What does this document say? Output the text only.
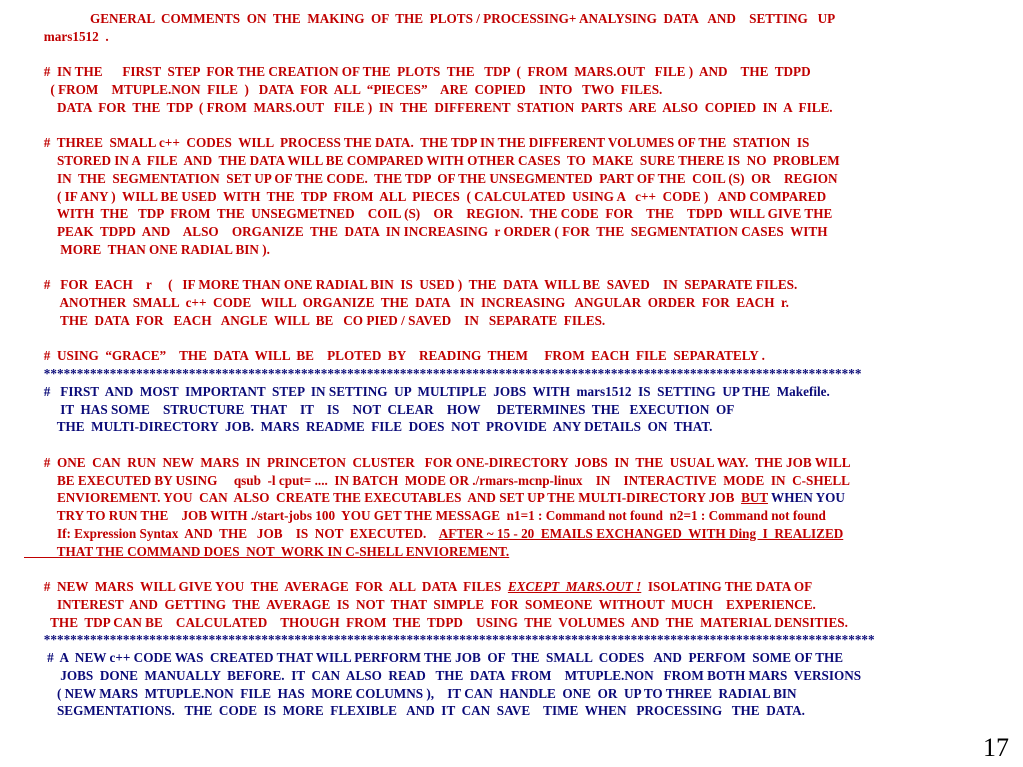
GENERAL  COMMENTS  ON  THE  MAKING  OF  THE  PLOTS / PROCESSING+ ANALYSING  DATA   AND    SETTING   UP
mars1512  .
#  IN THE      FIRST  STEP  FOR THE CREATION OF THE  PLOTS  THE   TDP  (  FROM  MARS.OUT   FILE )  AND    THE  TDPD
( FROM    MTUPLE.NON  FILE  )   DATA  FOR  ALL  “PIECES”    ARE  COPIED    INTO   TWO  FILES.
DATA  FOR  THE  TDP  ( FROM  MARS.OUT   FILE )  IN  THE  DIFFERENT  STATION  PARTS  ARE  ALSO  COPIED  IN  A  FILE.
#  THREE  SMALL c++  CODES  WILL  PROCESS THE DATA.  THE TDP IN THE DIFFERENT VOLUMES OF THE  STATION  IS
STORED IN A  FILE  AND  THE DATA WILL BE COMPARED WITH OTHER CASES  TO  MAKE  SURE THERE IS  NO  PROBLEM
IN  THE  SEGMENTATION  SET UP OF THE CODE.  THE TDP  OF THE UNSEGMENTED  PART OF THE  COIL (S)  OR    REGION
( IF ANY )  WILL BE USED  WITH  THE  TDP  FROM  ALL  PIECES  ( CALCULATED  USING A   c++  CODE )   AND COMPARED
WITH  THE   TDP  FROM  THE  UNSEGMETNED    COIL (S)    OR    REGION.  THE CODE  FOR    THE    TDPD  WILL GIVE THE
PEAK  TDPD  AND    ALSO    ORGANIZE  THE  DATA  IN INCREASING  r ORDER ( FOR  THE  SEGMENTATION CASES  WITH
MORE  THAN ONE RADIAL BIN ).
#   FOR  EACH    r     (   IF MORE THAN ONE RADIAL BIN  IS  USED )  THE  DATA  WILL BE  SAVED    IN  SEPARATE FILES.
ANOTHER  SMALL  c++  CODE   WILL  ORGANIZE  THE  DATA   IN  INCREASING   ANGULAR  ORDER  FOR  EACH  r.
THE  DATA  FOR   EACH   ANGLE  WILL  BE   CO PIED / SAVED    IN   SEPARATE  FILES.
#  USING  “GRACE”    THE  DATA  WILL  BE    PLOTED  BY    READING  THEM     FROM  EACH  FILE  SEPARATELY .
****************************************************************************************************************************
#   FIRST  AND  MOST  IMPORTANT  STEP  IN SETTING  UP  MULTIPLE  JOBS  WITH  mars1512  IS  SETTING  UP THE  Makefile.
IT  HAS SOME    STRUCTURE  THAT    IT    IS    NOT  CLEAR    HOW     DETERMINES  THE   EXECUTION  OF
THE  MULTI-DIRECTORY  JOB.  MARS  README  FILE  DOES  NOT  PROVIDE  ANY DETAILS  ON  THAT.
#  ONE  CAN  RUN  NEW  MARS  IN  PRINCETON  CLUSTER   FOR ONE-DIRECTORY  JOBS  IN  THE  USUAL WAY.  THE JOB WILL
BE EXECUTED BY USING     qsub  -l cput= ....  IN BATCH  MODE OR ./rmars-mcnp-linux    IN    INTERACTIVE  MODE  IN  C-SHELL
ENVIOREMENT. YOU  CAN  ALSO  CREATE THE EXECUTABLES  AND SET UP THE MULTI-DIRECTORY JOB  BUT WHEN YOU
TRY TO RUN THE    JOB WITH ./start-jobs 100  YOU GET THE MESSAGE  n1=1 : Command not found  n2=1 : Command not found
If: Expression Syntax  AND  THE   JOB    IS  NOT  EXECUTED.    AFTER ~ 15 - 20  EMAILS EXCHANGED  WITH Ding  I  REALIZED
THAT THE COMMAND DOES  NOT  WORK IN C-SHELL ENVIOREMENT.
#  NEW  MARS  WILL GIVE YOU  THE  AVERAGE  FOR  ALL  DATA  FILES  EXCEPT  MARS.OUT !  ISOLATING THE DATA OF
INTEREST  AND  GETTING  THE  AVERAGE  IS  NOT  THAT  SIMPLE  FOR  SOMEONE  WITHOUT  MUCH    EXPERIENCE.
THE  TDP CAN BE    CALCULATED    THOUGH  FROM  THE  TDPD    USING  THE  VOLUMES  AND  THE  MATERIAL DENSITIES.
******************************************************************************************************************************
#  A  NEW c++ CODE WAS  CREATED THAT WILL PERFORM THE JOB  OF  THE  SMALL  CODES   AND  PERFOM  SOME OF THE
JOBS  DONE  MANUALLY  BEFORE.  IT  CAN  ALSO  READ   THE  DATA  FROM    MTUPLE.NON   FROM BOTH MARS  VERSIONS
( NEW MARS  MTUPLE.NON  FILE  HAS  MORE COLUMNS ),    IT CAN  HANDLE  ONE  OR  UP TO THREE  RADIAL BIN
SEGMENTATIONS.   THE  CODE  IS  MORE  FLEXIBLE   AND  IT  CAN  SAVE    TIME  WHEN   PROCESSING   THE  DATA.
17
